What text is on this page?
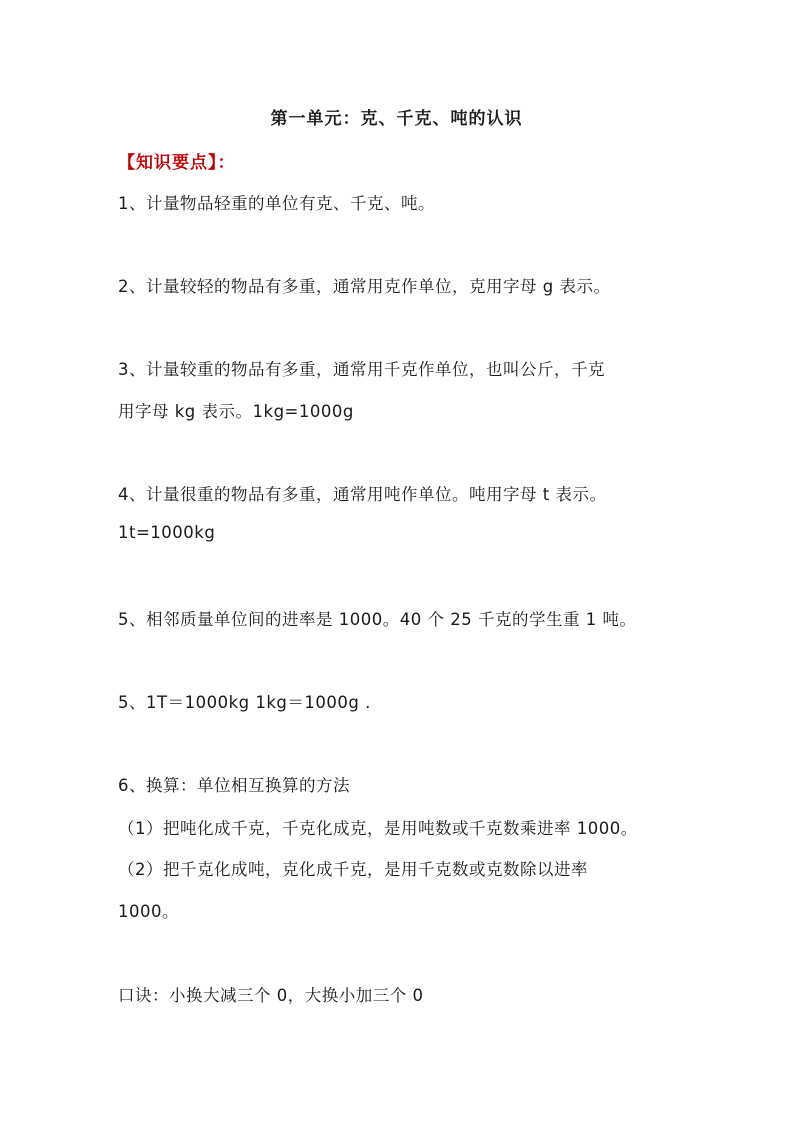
第一单元：克、千克、吨的认识
【知识要点】：
1、计量物品轻重的单位有克、千克、吨。
2、计量较轻的物品有多重，通常用克作单位，克用字母 g 表示。
3、计量较重的物品有多重，通常用千克作单位，也叫公斤，千克
用字母 kg 表示。1kg=1000g
4、计量很重的物品有多重，通常用吨作单位。吨用字母 t 表示。
1t=1000kg
5、相邻质量单位间的进率是 1000。40 个 25 千克的学生重 1 吨。
5、1T＝1000kg 1kg＝1000g .
6、换算：单位相互换算的方法
（1）把吨化成千克，千克化成克，是用吨数或千克数乘进率 1000。
（2）把千克化成吨，克化成千克，是用千克数或克数除以进率
1000。
口诀：小换大减三个 0，大换小加三个 0
